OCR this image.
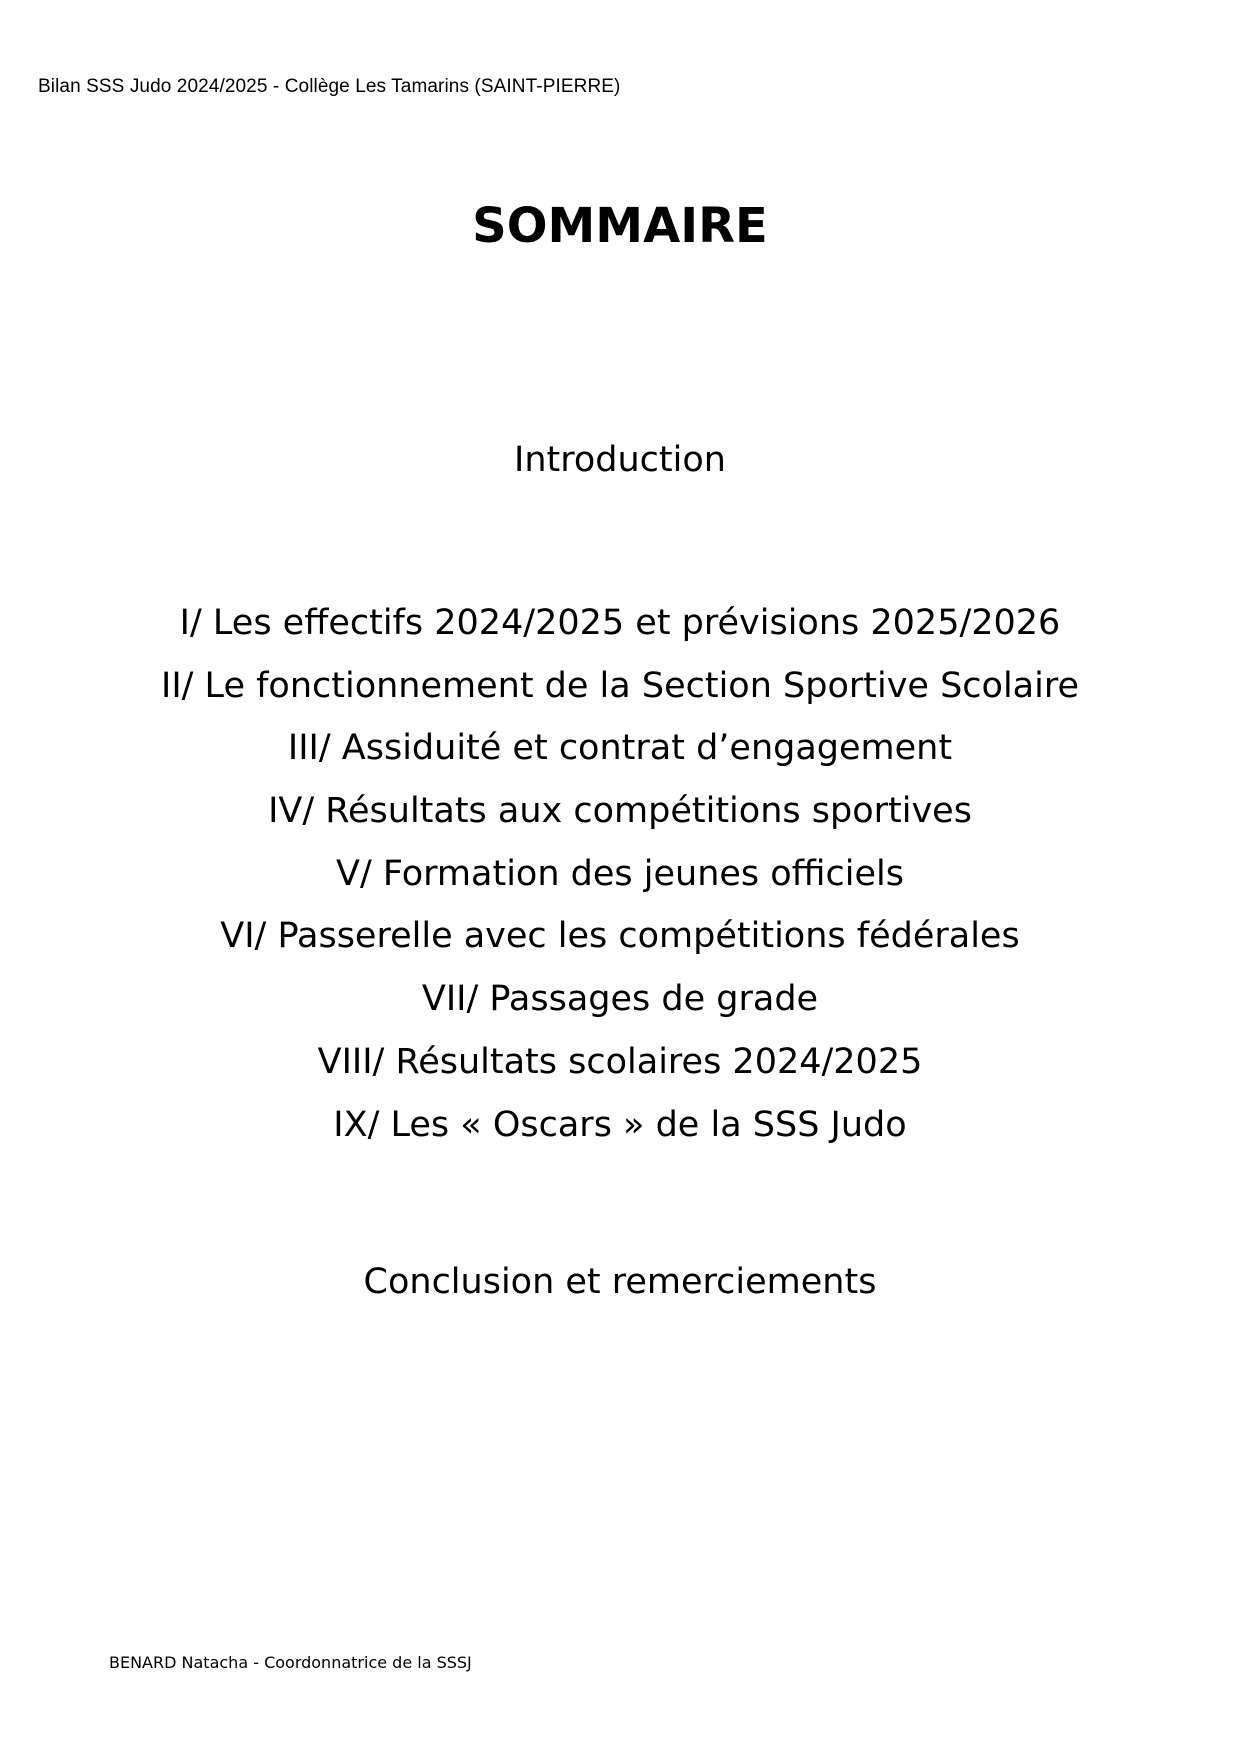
Bilan SSS Judo 2024/2025 - Collège Les Tamarins (SAINT-PIERRE)
SOMMAIRE
Introduction
I/ Les effectifs 2024/2025 et prévisions 2025/2026
II/ Le fonctionnement de la Section Sportive Scolaire
III/ Assiduité et contrat d’engagement
IV/ Résultats aux compétitions sportives
V/ Formation des jeunes officiels
VI/ Passerelle avec les compétitions fédérales
VII/ Passages de grade
VIII/ Résultats scolaires 2024/2025
IX/ Les « Oscars » de la SSS Judo
Conclusion et remerciements
BENARD Natacha - Coordonnatrice de la SSSJ
